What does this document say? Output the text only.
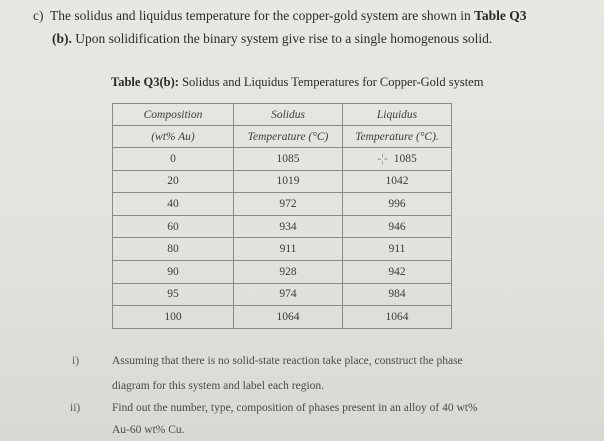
c) The solidus and liquidus temperature for the copper-gold system are shown in Table Q3
(b). Upon solidification the binary system give rise to a single homogenous solid.
Table Q3(b): Solidus and Liquidus Temperatures for Copper-Gold system
Composition	Solidus	Liquidus
(wt% Au)	Temperature (°C)	Temperature (°C).
0	1085	-¦- 1085
20	1019	1042
40	972	996
60	934	946
80	911	911
90	928	942
95	974	984
100	1064	1064
i)	Assuming that there is no solid-state reaction take place, construct the phase
diagram for this system and label each region.
ii)	Find out the number, type, composition of phases present in an alloy of 40 wt%
Au-60 wt% Cu.
